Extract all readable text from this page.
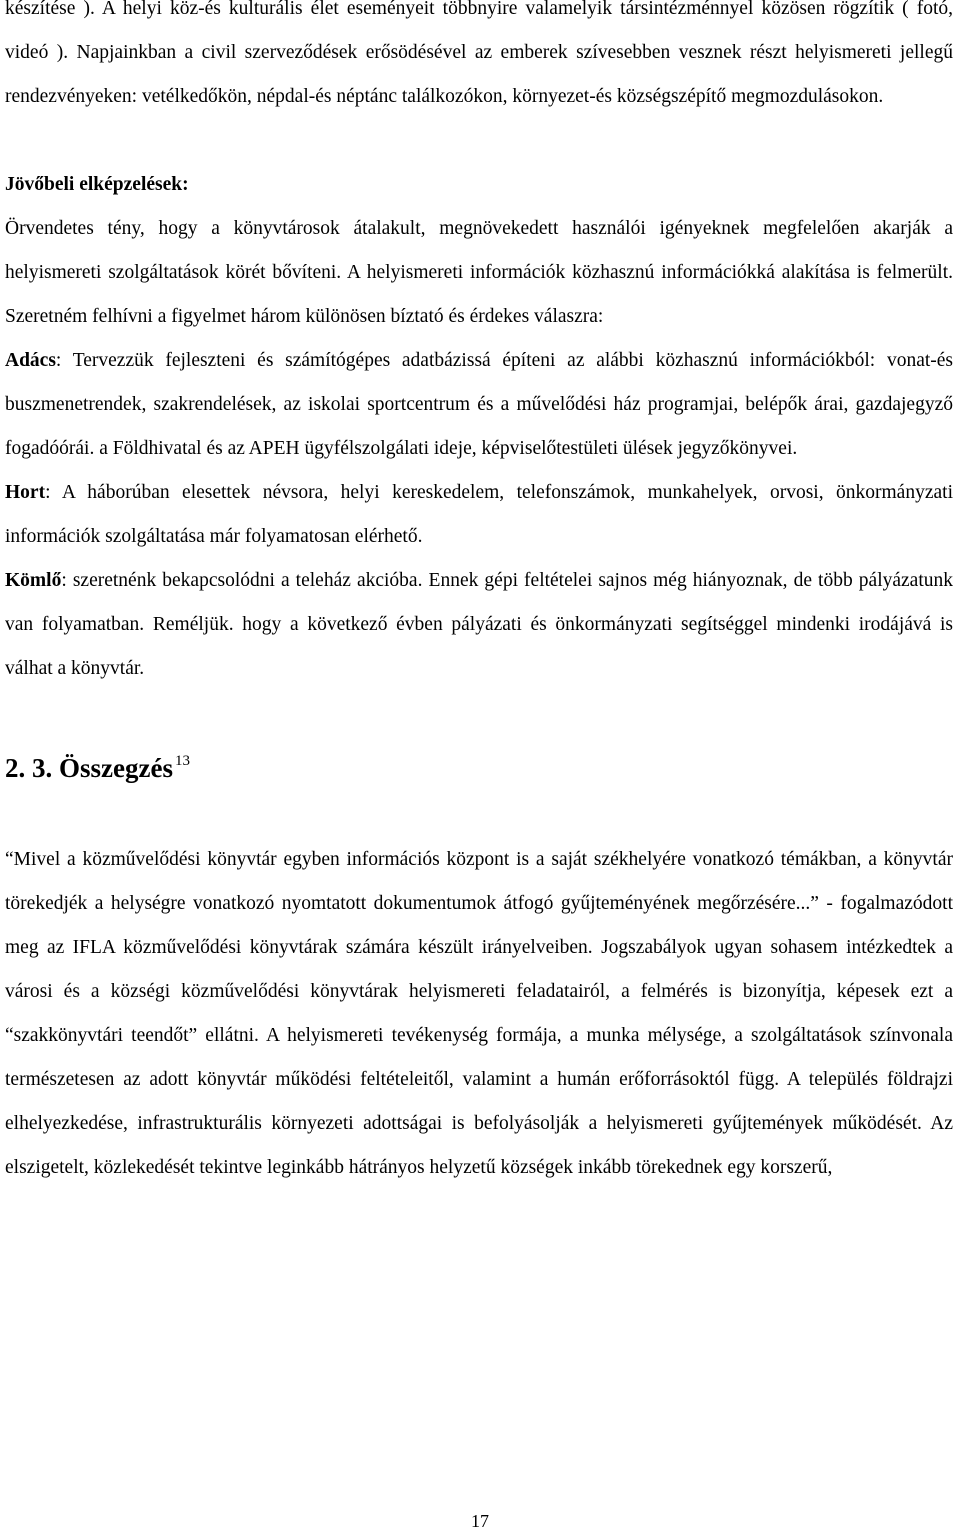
készítése ). A helyi köz-és kulturális élet eseményeit többnyire valamelyik társintézménnyel közösen rögzítik ( fotó, videó ). Napjainkban a civil szerveződések erősödésével az emberek szívesebben vesznek részt helyismereti jellegű rendezvényeken: vetélkedőkön, népdal-és néptánc találkozókon, környezet-és községszépítő megmozdulásokon.

Jövőbeli elképzelések:

Örvendetes tény, hogy a könyvtárosok átalakult, megnövekedett használói igényeknek megfelelően akarják a helyismereti szolgáltatások körét bővíteni. A helyismereti információk közhasznú információkká alakítása is felmerült. Szeretném felhívni a figyelmet három különösen bíztató és érdekes válaszra:

Adács: Tervezzük fejleszteni és számítógépes adatbázissá építeni az alábbi közhasznú információkból: vonat-és buszmenetrendek, szakrendelések, az iskolai sportcentrum és a művelődési ház programjai, belépők árai, gazdajegyző fogadóórái. a Földhivatal és az APEH ügyfélszolgálati ideje, képviselőtestületi ülések jegyzőkönyvei.

Hort: A háborúban elesettek névsora, helyi kereskedelem, telefonszámok, munkahelyek, orvosi, önkormányzati információk szolgáltatása már folyamatosan elérhető.

Kömlő: szeretnénk bekapcsolódni a teleház akcióba. Ennek gépi feltételei sajnos még hiányoznak, de több pályázatunk van folyamatban. Reméljük. hogy a következő évben pályázati és önkormányzati segítséggel mindenki irodájává is válhat a könyvtár.

2. 3. Összegzés $^{13}$

“Mivel a közművelődési könyvtár egyben információs központ is a saját székhelyére vonatkozó témákban, a könyvtár törekedjék a helységre vonatkozó nyomtatott dokumentumok átfogó gyűjteményének megőrzésére...” - fogalmazódott meg az IFLA közművelődési könyvtárak számára készült irányelveiben. Jogszabályok ugyan sohasem intézkedtek a városi és a községi közművelődési könyvtárak helyismereti feladatairól, a felmérés is bizonyítja, képesek ezt a “szakkönyvtári teendőt” ellátni. A helyismereti tevékenység formája, a munka mélysége, a szolgáltatások színvonala természetesen az adott könyvtár működési feltételeitől, valamint a humán erőforrásoktól függ. A település földrajzi elhelyezkedése, infrastrukturális környezeti adottságai is befolyásolják a helyismereti gyűjtemények működését. Az elszigetelt, közlekedését tekintve leginkább hátrányos helyzetű községek inkább törekednek egy korszerű,

17
